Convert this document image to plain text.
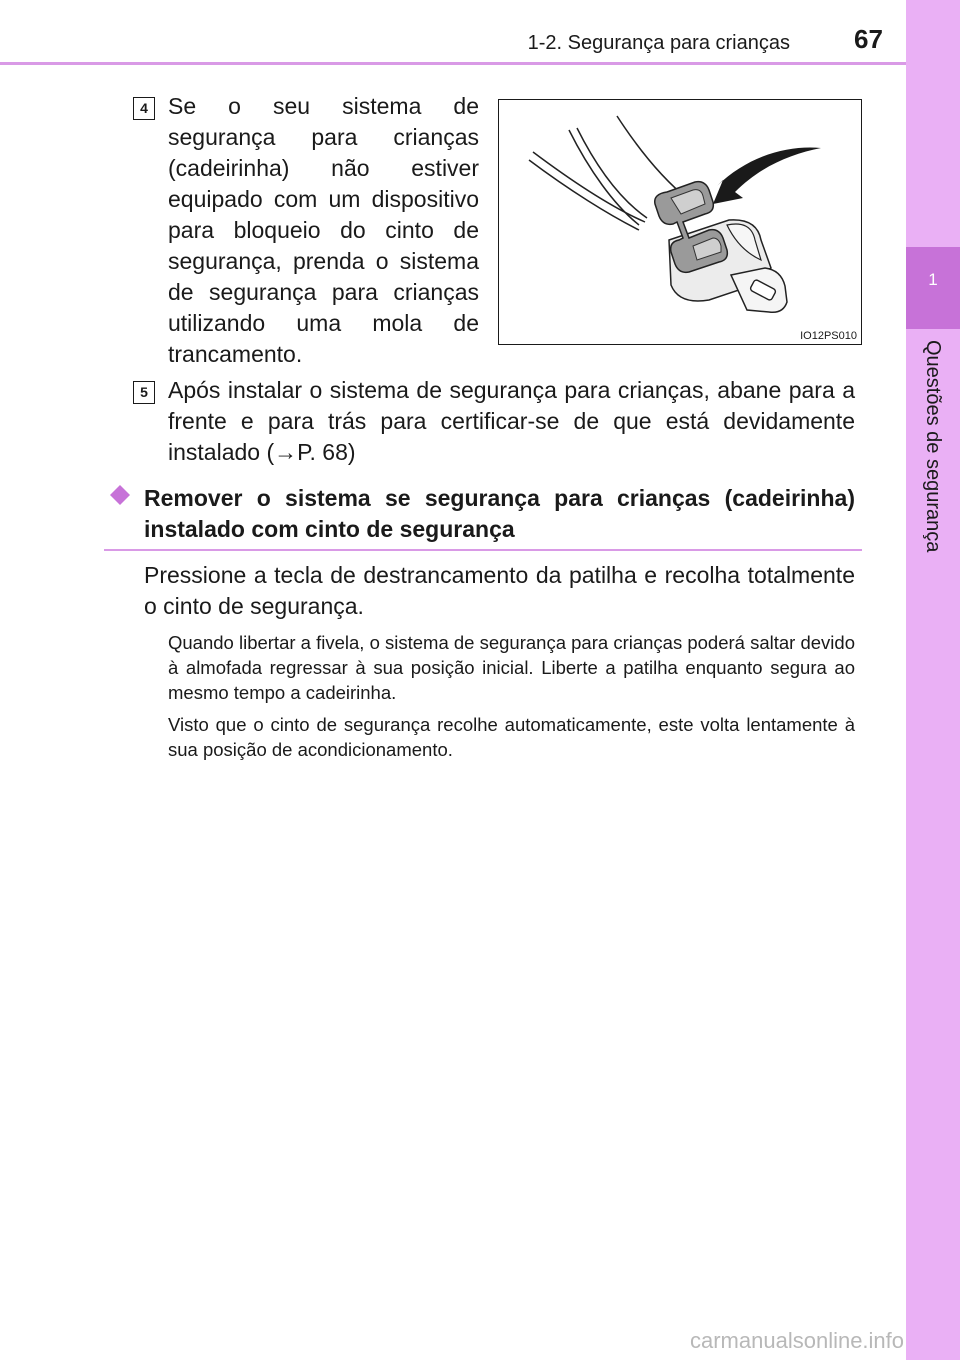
1-2. Segurança para crianças 67
1
Questões de segurança
4 Se o seu sistema de segurança para crianças (cadeirinha) não estiver equipado com um dispositivo para bloqueio do cinto de segurança, prenda o sistema de segurança para crianças utilizando uma mola de trancamento.
IO12PS010
5 Após instalar o sistema de segurança para crianças, abane para a frente e para trás para certificar-se de que está devidamente instalado (→P. 68)
Remover o sistema se segurança para crianças (cadeirinha) instalado com cinto de segurança
Pressione a tecla de destrancamento da patilha e recolha totalmente o cinto de segurança.
Quando libertar a fivela, o sistema de segurança para crianças poderá saltar devido à almofada regressar à sua posição inicial. Liberte a patilha enquanto segura ao mesmo tempo a cadeirinha.
Visto que o cinto de segurança recolhe automaticamente, este volta lentamente à sua posição de acondicionamento.
carmanualsonline.info
